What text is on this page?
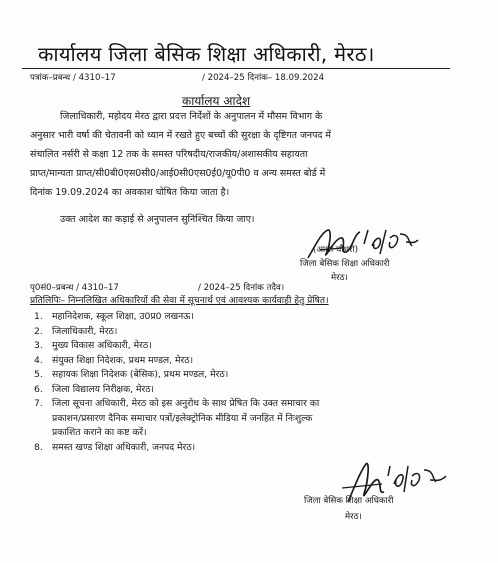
कार्यालय जिला बेसिक शिक्षा अधिकारी, मेरठ।
पत्रांक–प्रबन्ध / 4310–17	/ 2024–25 दिनांक– 18.09.2024
कार्यालय आदेश
जिलाधिकारी, महोदय मेरठ द्वारा प्रदत्त निर्देशों के अनुपालन में मौसम विभाग के
अनुसार भारी वर्षा की चेतावनी को ध्यान में रखते हुए बच्चों की सुरक्षा के दृष्टिगत जनपद में
संचालित नर्सरी से कक्षा 12 तक के समस्त परिषदीय/राजकीय/अशासकीय सहायता
प्राप्त/मान्यता प्राप्त/सी0बी0एस0सी0/आई0सी0एस0ई0/यू0पी0 व अन्य समस्त बोर्ड में
दिनांक 19.09.2024 का अवकाश घोषित किया जाता है।
उक्त आदेश का कड़ाई से अनुपालन सुनिश्चित किया जाए।
(आशा चौधरी)
जिला बेसिक शिक्षा अधिकारी
मेरठ।
पृ0सं0–प्रबन्ध / 4310–17	/ 2024–25 दिनांक तदैव।
प्रतिलिपिः– निम्नलिखित अधिकारियों की सेवा में सूचनार्थ एवं आवश्यक कार्यवाही हेतु प्रेषित।
1. महानिदेशक, स्कूल शिक्षा, उ0प्र0 लखनऊ।
2. जिलाधिकारी, मेरठ।
3. मुख्य विकास अधिकारी, मेरठ।
4. संयुक्त शिक्षा निदेशक, प्रथम मण्डल, मेरठ।
5. सहायक शिक्षा निदेशक (बेसिक), प्रथम मण्डल, मेरठ।
6. जिला विद्यालय निरीक्षक, मेरठ।
7. जिला सूचना अधिकारी, मेरठ को इस अनुरोध के साथ प्रेषित कि उक्त समाचार का
प्रकाशन/प्रसारण दैनिक समाचार पत्रों/इलेक्ट्रोनिक मीडिया में जनहित में निःशुल्क
प्रकाशित कराने का कष्ट करें।
8. समस्त खण्ड शिक्षा अधिकारी, जनपद मेरठ।
जिला बेसिक शिक्षा अधिकारी
मेरठ।
